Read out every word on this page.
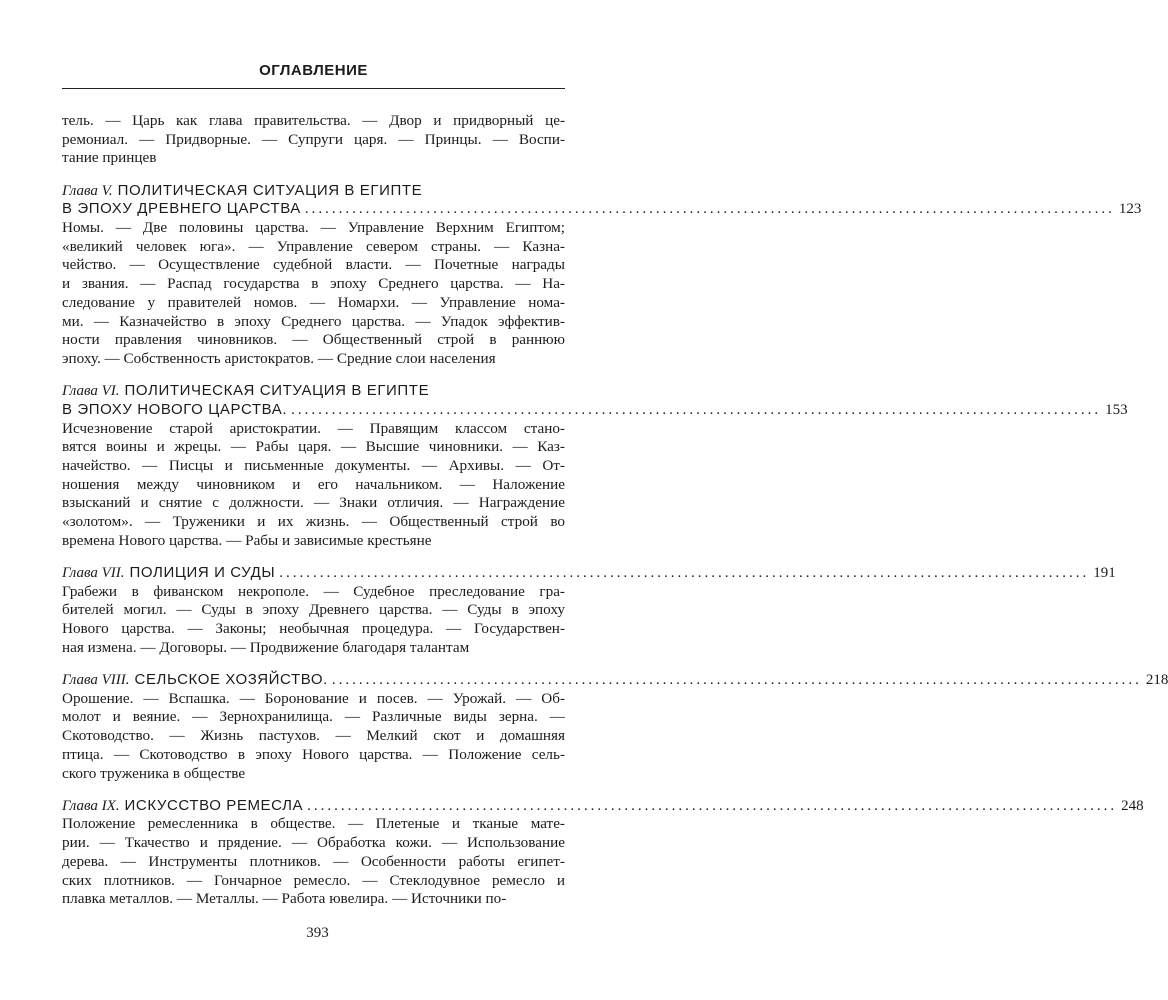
ОГЛАВЛЕНИЕ
тель. — Царь как глава правительства. — Двор и придворный це-
ремониал. — Придворные. — Супруги царя. — Принцы. — Воспи-
тание принцев
Глава V. ПОЛИТИЧЕСКАЯ СИТУАЦИЯ В ЕГИПТЕ
В ЭПОХУ ДРЕВНЕГО ЦАРСТВА ........................................................................................................................ 123
Номы. — Две половины царства. — Управление Верхним Египтом;
«великий человек юга». — Управление севером страны. — Казна-
чейство. — Осуществление судебной власти. — Почетные награды
и звания. — Распад государства в эпоху Среднего царства. — На-
следование у правителей номов. — Номархи. — Управление нома-
ми. — Казначейство в эпоху Среднего царства. — Упадок эффектив-
ности правления чиновников. — Общественный строй в раннюю
эпоху. — Собственность аристократов. — Средние слои населения
Глава VI. ПОЛИТИЧЕСКАЯ СИТУАЦИЯ В ЕГИПТЕ
В ЭПОХУ НОВОГО ЦАРСТВА. ........................................................................................................................ 153
Исчезновение старой аристократии. — Правящим классом стано-
вятся воины и жрецы. — Рабы царя. — Высшие чиновники. — Каз-
начейство. — Писцы и письменные документы. — Архивы. — От-
ношения между чиновником и его начальником. — Наложение
взысканий и снятие с должности. — Знаки отличия. — Награждение
«золотом». — Труженики и их жизнь. — Общественный строй во
времена Нового царства. — Рабы и зависимые крестьяне
Глава VII. ПОЛИЦИЯ И СУДЫ ........................................................................................................................ 191
Грабежи в фиванском некрополе. — Судебное преследование гра-
бителей могил. — Суды в эпоху Древнего царства. — Суды в эпоху
Нового царства. — Законы; необычная процедура. — Государствен-
ная измена. — Договоры. — Продвижение благодаря талантам
Глава VIII. СЕЛЬСКОЕ ХОЗЯЙСТВО. ........................................................................................................................ 218
Орошение. — Вспашка. — Боронование и посев. — Урожай. — Об-
молот и веяние. — Зернохранилища. — Различные виды зерна. —
Скотоводство. — Жизнь пастухов. — Мелкий скот и домашняя
птица. — Скотоводство в эпоху Нового царства. — Положение сель-
ского труженика в обществе
Глава IX. ИСКУССТВО РЕМЕСЛА ........................................................................................................................ 248
Положение ремесленника в обществе. — Плетеные и тканые мате-
рии. — Ткачество и прядение. — Обработка кожи. — Использование
дерева. — Инструменты плотников. — Особенности работы египет-
ских плотников. — Гончарное ремесло. — Стеклодувное ремесло и
плавка металлов. — Металлы. — Работа ювелира. — Источники по-
393
